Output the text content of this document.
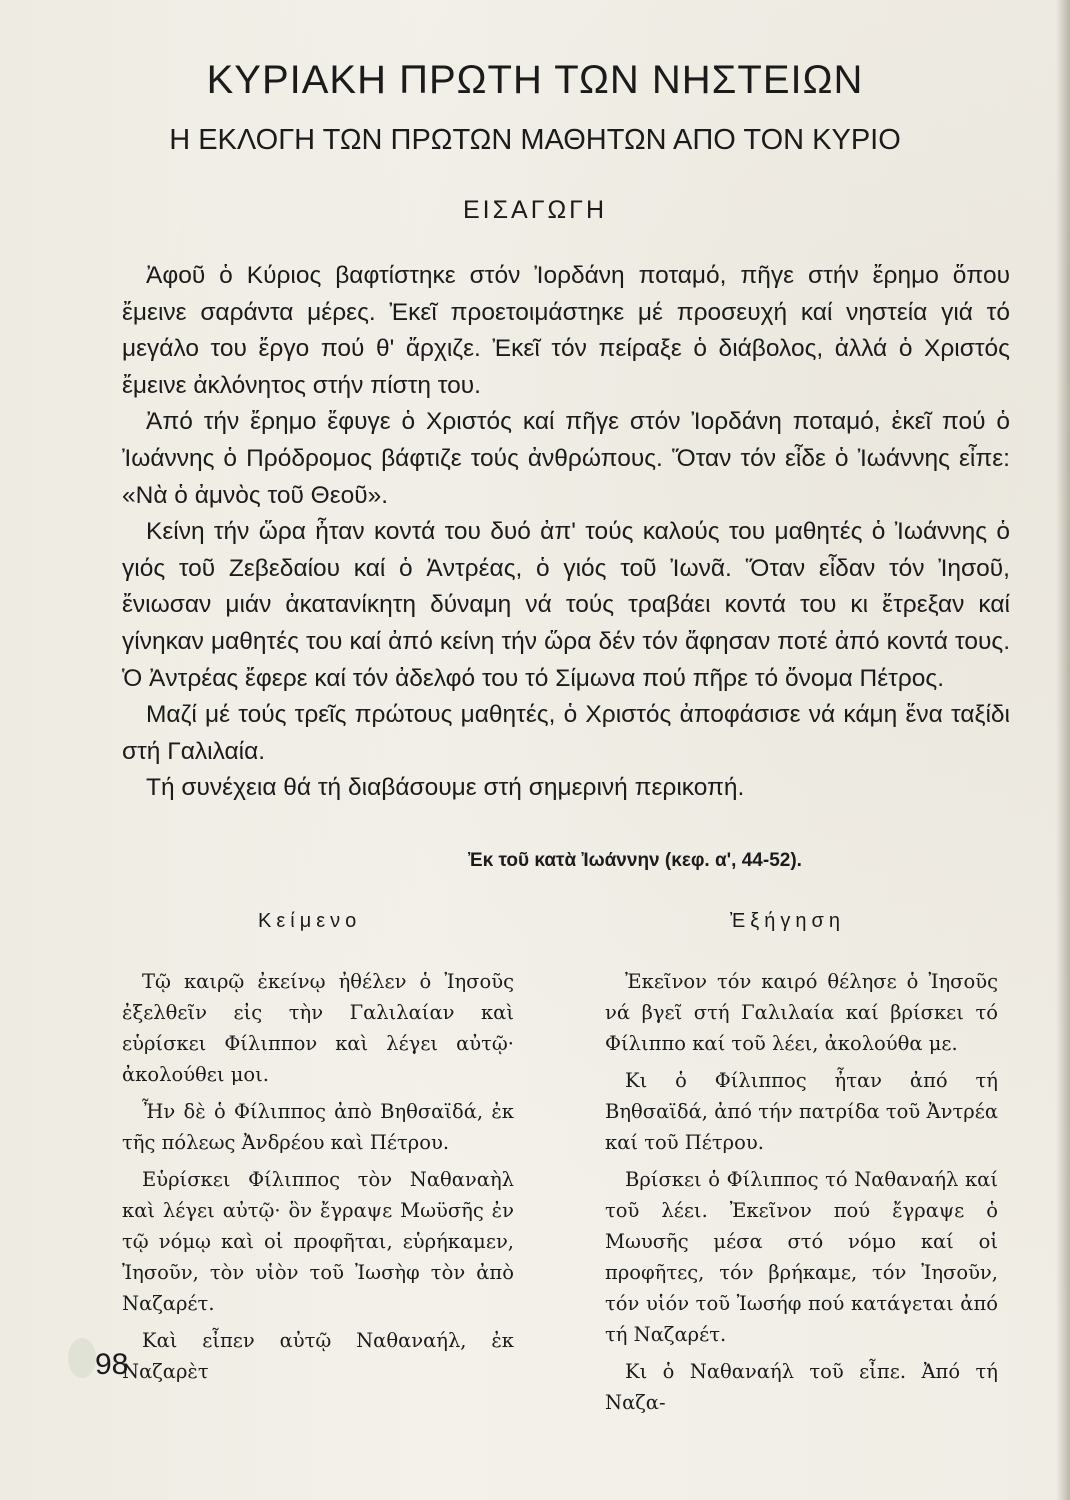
ΚΥΡΙΑΚΗ ΠΡΩΤΗ ΤΩΝ ΝΗΣΤΕΙΩΝ
Η ΕΚΛΟΓΗ ΤΩΝ ΠΡΩΤΩΝ ΜΑΘΗΤΩΝ ΑΠΟ ΤΟΝ ΚΥΡΙΟ
ΕΙΣΑΓΩΓΗ

Ἀφοῦ ὁ Κύριος βαφτίστηκε στόν Ἰορδάνη ποταμό, πῆγε στήν ἔρημο ὅπου ἔμεινε σαράντα μέρες. Ἐκεῖ προετοιμάστηκε μέ προσευχή καί νηστεία γιά τό μεγάλο του ἔργο πού θ' ἄρχιζε. Ἐκεῖ τόν πείραξε ὁ διάβολος, ἀλλά ὁ Χριστός ἔμεινε ἀκλόνητος στήν πίστη του.

Ἀπό τήν ἔρημο ἔφυγε ὁ Χριστός καί πῆγε στόν Ἰορδάνη ποταμό, ἐκεῖ πού ὁ Ἰωάννης ὁ Πρόδρομος βάφτιζε τούς ἀνθρώπους. Ὅταν τόν εἶδε ὁ Ἰωάννης εἶπε: «Νὰ ὁ ἀμνὸς τοῦ Θεοῦ».

Κείνη τήν ὥρα ἦταν κοντά του δυό ἀπ' τούς καλούς του μαθητές ὁ Ἰωάννης ὁ γιός τοῦ Ζεβεδαίου καί ὁ Ἀντρέας, ὁ γιός τοῦ Ἰωνᾶ. Ὅταν εἶδαν τόν Ἰησοῦ, ἔνιωσαν μιάν ἀκατανίκητη δύναμη νά τούς τραβάει κοντά του κι ἔτρεξαν καί γίνηκαν μαθητές του καί ἀπό κείνη τήν ὥρα δέν τόν ἄφησαν ποτέ ἀπό κοντά τους. Ὁ Ἀντρέας ἔφερε καί τόν ἀδελφό του τό Σίμωνα πού πῆρε τό ὄνομα Πέτρος.

Μαζί μέ τούς τρεῖς πρώτους μαθητές, ὁ Χριστός ἀποφάσισε νά κάμη ἕνα ταξίδι στή Γαλιλαία.

Τή συνέχεια θά τή διαβάσουμε στή σημερινή περικοπή.

Ἐκ τοῦ κατὰ Ἰωάννην (κεφ. α', 44-52).
Κείμενο	Ἐξήγηση

Τῷ καιρῷ ἐκείνῳ ἠθέλεν ὁ Ἰησοῦς ἐξελθεῖν εἰς τὴν Γαλιλαίαν καὶ εὑρίσκει Φίλιππον καὶ λέγει αὐτῷ· ἀκολούθει μοι.

Ἦν δὲ ὁ Φίλιππος ἀπὸ Βηθσαϊδά, ἐκ τῆς πόλεως Ἀνδρέου καὶ Πέτρου.

Εὑρίσκει Φίλιππος τὸν Ναθαναὴλ καὶ λέγει αὐτῷ· ὃν ἔγραψε Μωϋσῆς ἐν τῷ νόμῳ καὶ οἱ προφῆται, εὑρήκαμεν, Ἰησοῦν, τὸν υἱὸν τοῦ Ἰωσὴφ τὸν ἀπὸ Ναζαρέτ.

Καὶ εἶπεν αὐτῷ Ναθαναήλ, ἐκ Ναζαρὲτ

Ἐκεῖνον τόν καιρό θέλησε ὁ Ἰησοῦς νά βγεῖ στή Γαλιλαία καί βρίσκει τό Φίλιππο καί τοῦ λέει, ἀκολούθα με.

Κι ὁ Φίλιππος ἦταν ἀπό τή Βηθσαϊδά, ἀπό τήν πατρίδα τοῦ Ἀντρέα καί τοῦ Πέτρου.

Βρίσκει ὁ Φίλιππος τό Ναθαναήλ καί τοῦ λέει. Ἐκεῖνον πού ἔγραψε ὁ Μωυσῆς μέσα στό νόμο καί οἱ προφῆτες, τόν βρήκαμε, τόν Ἰησοῦν, τόν υἱόν τοῦ Ἰωσήφ πού κατάγεται ἀπό τή Ναζαρέτ.

Κι ὁ Ναθαναήλ τοῦ εἶπε. Ἀπό τή Ναζα-

98
